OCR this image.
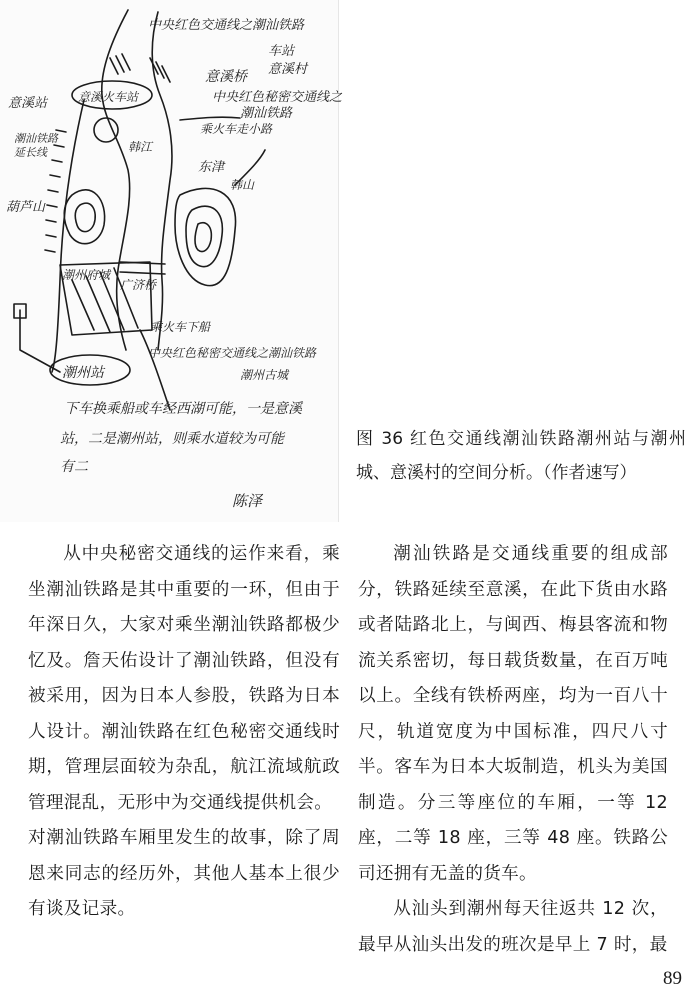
中央红色交通线之潮汕铁路
车站
意溪村
意溪桥
中央红色秘密交通线之
潮汕铁路
意溪站	意溪火车站
潮汕铁路延长线
乘火车走小路
韩江
东津
韩山
葫芦山
潮州府城
广济桥
乘火车下船
中央红色秘密交通线之潮汕铁路
潮州站	潮州古城
下车换乘船或车经西湖可能，一是意溪
站，二是潮州站，则乘水道较为可能
有二
陈泽
图 36 红色交通线潮汕铁路潮州站与潮州城、意溪村的空间分析。（作者速写）

从中央秘密交通线的运作来看，乘坐潮汕铁路是其中重要的一环，但由于年深日久，大家对乘坐潮汕铁路都极少忆及。詹天佑设计了潮汕铁路，但没有被采用，因为日本人参股，铁路为日本人设计。潮汕铁路在红色秘密交通线时期，管理层面较为杂乱，航江流域航政管理混乱，无形中为交通线提供机会。

对潮汕铁路车厢里发生的故事，除了周恩来同志的经历外，其他人基本上很少有谈及记录。

潮汕铁路是交通线重要的组成部分，铁路延续至意溪，在此下货由水路或者陆路北上，与闽西、梅县客流和物流关系密切，每日载货数量，在百万吨以上。全线有铁桥两座，均为一百八十尺，轨道宽度为中国标准，四尺八寸半。客车为日本大坂制造，机头为美国制造。分三等座位的车厢，一等 12 座，二等 18 座，三等 48 座。铁路公司还拥有无盖的货车。

从汕头到潮州每天往返共 12 次，最早从汕头出发的班次是早上 7 时，最

89
